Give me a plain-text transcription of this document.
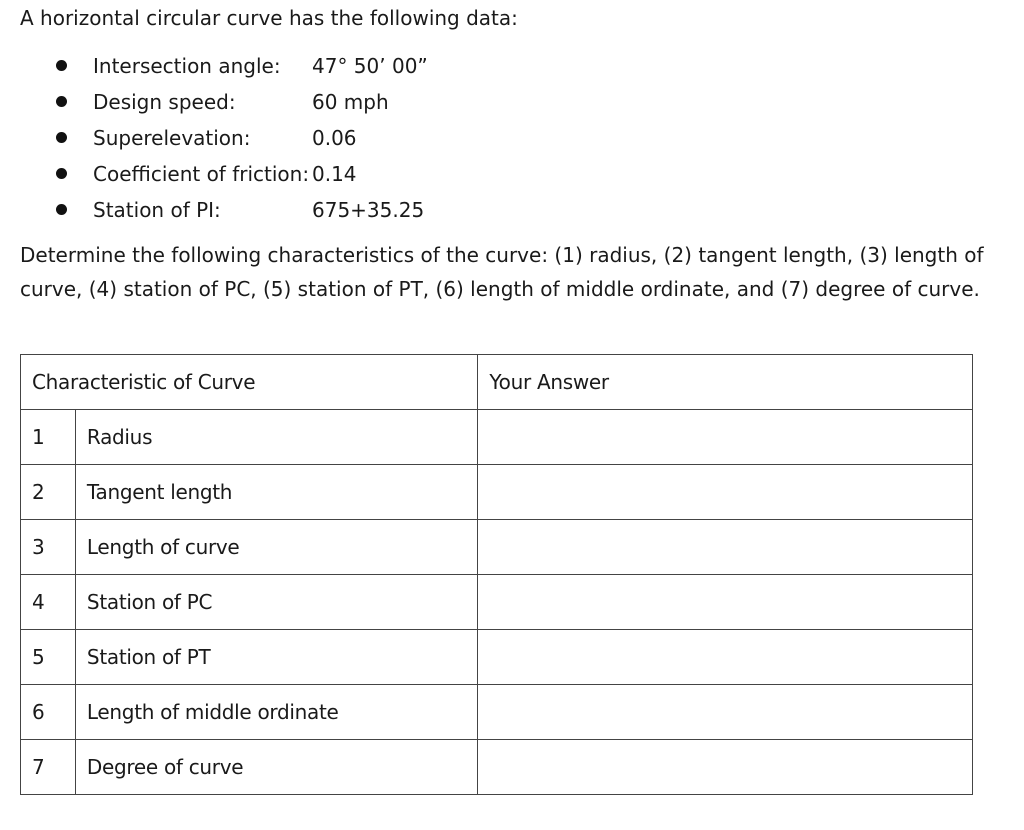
A horizontal circular curve has the following data:
Intersection angle: 47° 50’ 00”
Design speed:	60 mph
Superelevation:	0.06
Coefficient of friction: 0.14
Station of PI:	675+35.25
Determine the following characteristics of the curve: (1) radius, (2) tangent length, (3) length of curve, (4) station of PC, (5) station of PT, (6) length of middle ordinate, and (7) degree of curve.
Characteristic of Curve		Your Answer
1	Radius	
2	Tangent length	
3	Length of curve	
4	Station of PC	
5	Station of PT	
6	Length of middle ordinate	
7	Degree of curve	
